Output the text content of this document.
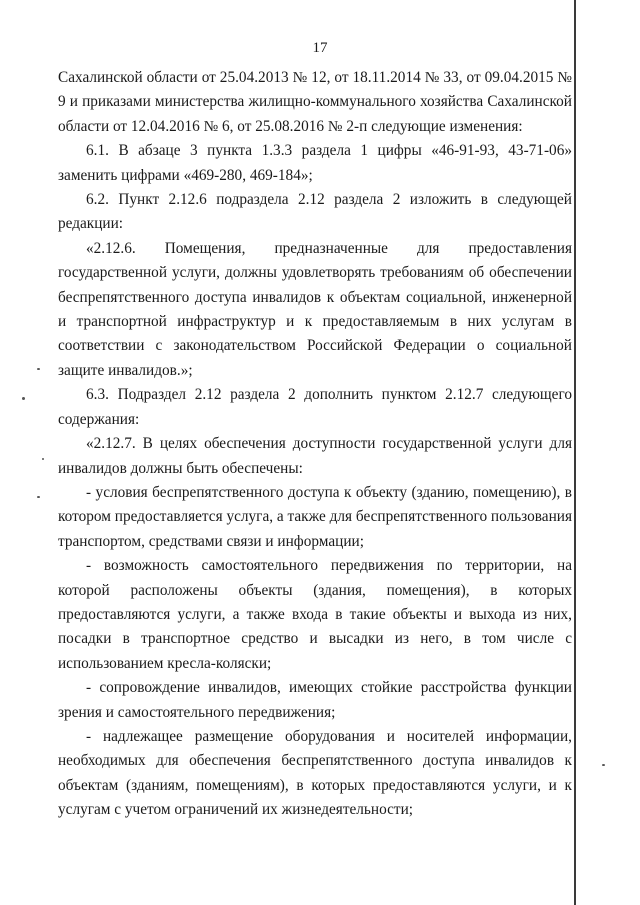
17

Сахалинской области от 25.04.2013 № 12, от 18.11.2014 № 33, от 09.04.2015 № 9 и приказами министерства жилищно-коммунального хозяйства Сахалинской области от 12.04.2016 № 6, от 25.08.2016 № 2-п следующие изменения:

6.1. В абзаце 3 пункта 1.3.3 раздела 1 цифры «46-91-93, 43-71-06» заменить цифрами «469-280, 469-184»;

6.2. Пункт 2.12.6 подраздела 2.12 раздела 2 изложить в следующей редакции:

«2.12.6. Помещения, предназначенные для предоставления государственной услуги, должны удовлетворять требованиям об обеспечении беспрепятственного доступа инвалидов к объектам социальной, инженерной и транспортной инфраструктур и к предоставляемым в них услугам в соответствии с законодательством Российской Федерации о социальной защите инвалидов.»;

6.3. Подраздел 2.12 раздела 2 дополнить пунктом 2.12.7 следующего содержания:

«2.12.7. В целях обеспечения доступности государственной услуги для инвалидов должны быть обеспечены:

- условия беспрепятственного доступа к объекту (зданию, помещению), в котором предоставляется услуга, а также для беспрепятственного пользования транспортом, средствами связи и информации;

- возможность самостоятельного передвижения по территории, на которой расположены объекты (здания, помещения), в которых предоставляются услуги, а также входа в такие объекты и выхода из них, посадки в транспортное средство и высадки из него, в том числе с использованием кресла-коляски;

- сопровождение инвалидов, имеющих стойкие расстройства функции зрения и самостоятельного передвижения;

- надлежащее размещение оборудования и носителей информации, необходимых для обеспечения беспрепятственного доступа инвалидов к объектам (зданиям, помещениям), в которых предоставляются услуги, и к услугам с учетом ограничений их жизнедеятельности;
